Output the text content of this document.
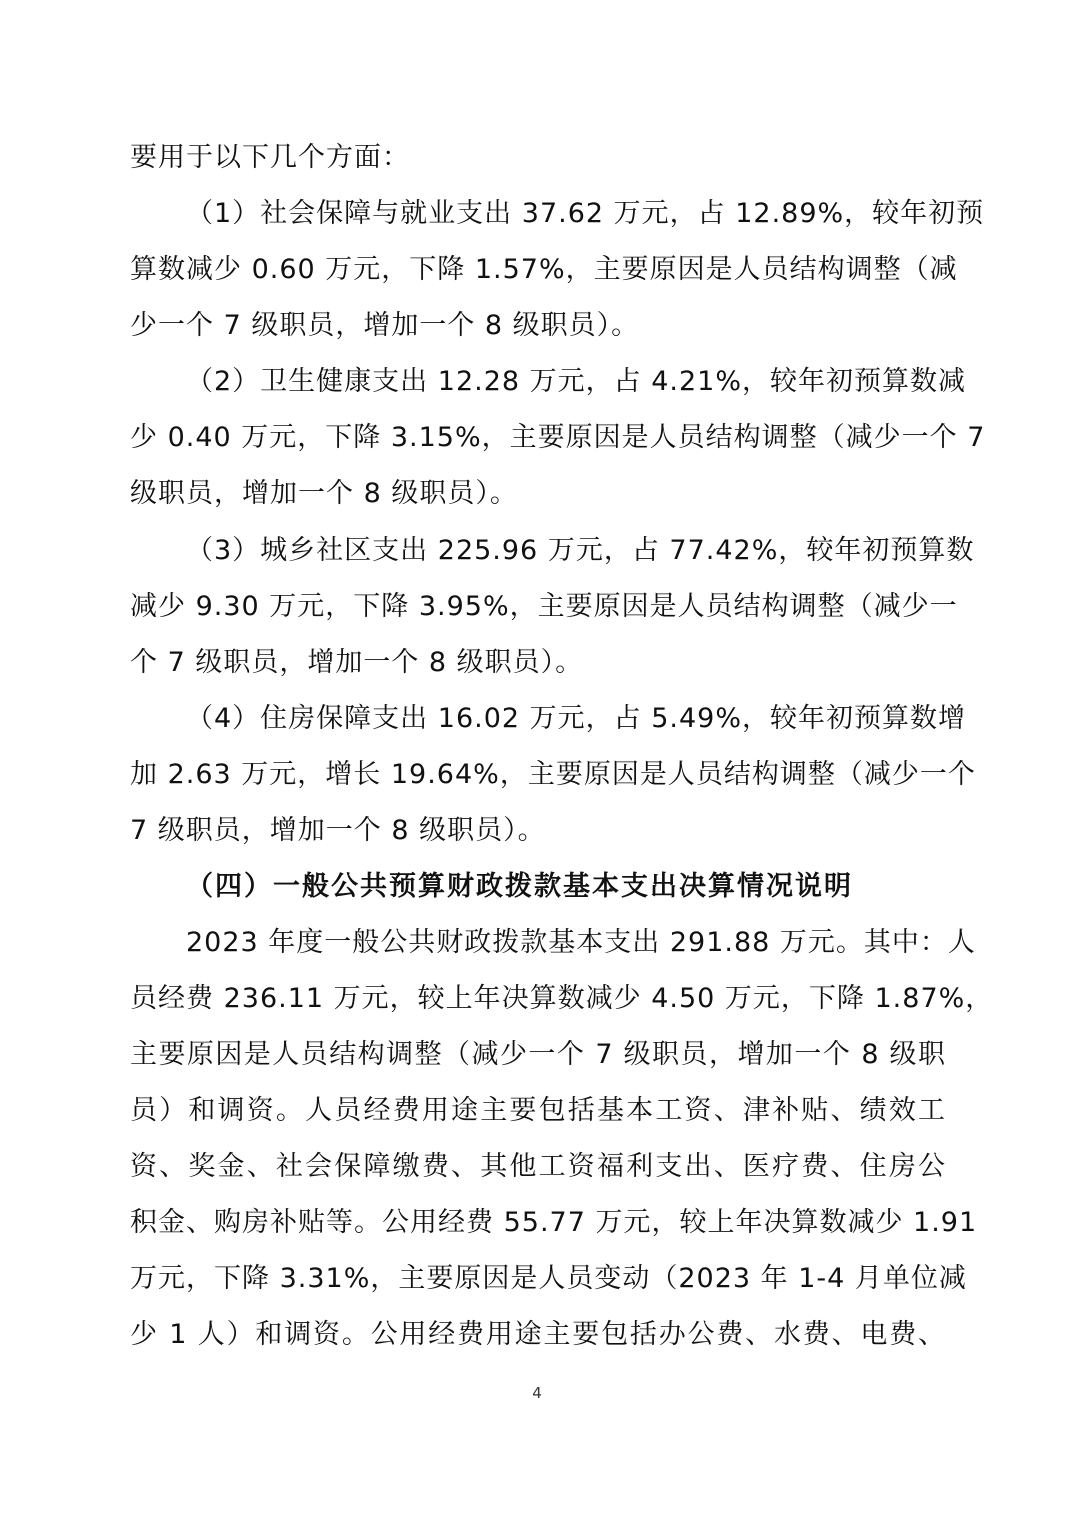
要用于以下几个方面：
（1）社会保障与就业支出 37.62 万元，占 12.89%，较年初预
算数减少 0.60 万元，下降 1.57%，主要原因是人员结构调整（减
少一个 7 级职员，增加一个 8 级职员）。
（2）卫生健康支出 12.28 万元，占 4.21%，较年初预算数减
少 0.40 万元，下降 3.15%，主要原因是人员结构调整（减少一个 7
级职员，增加一个 8 级职员）。
（3）城乡社区支出 225.96 万元，占 77.42%，较年初预算数
减少 9.30 万元，下降 3.95%，主要原因是人员结构调整（减少一
个 7 级职员，增加一个 8 级职员）。
（4）住房保障支出 16.02 万元，占 5.49%，较年初预算数增
加 2.63 万元，增长 19.64%，主要原因是人员结构调整（减少一个
7 级职员，增加一个 8 级职员）。
（四）一般公共预算财政拨款基本支出决算情况说明
2023 年度一般公共财政拨款基本支出 291.88 万元。其中：人
员经费 236.11 万元，较上年决算数减少 4.50 万元，下降 1.87%，
主要原因是人员结构调整（减少一个 7 级职员，增加一个 8 级职
员）和调资。人员经费用途主要包括基本工资、津补贴、绩效工
资、奖金、社会保障缴费、其他工资福利支出、医疗费、住房公
积金、购房补贴等。公用经费 55.77 万元，较上年决算数减少 1.91
万元，下降 3.31%，主要原因是人员变动（2023 年 1-4 月单位减
少 1 人）和调资。公用经费用途主要包括办公费、水费、电费、
4
